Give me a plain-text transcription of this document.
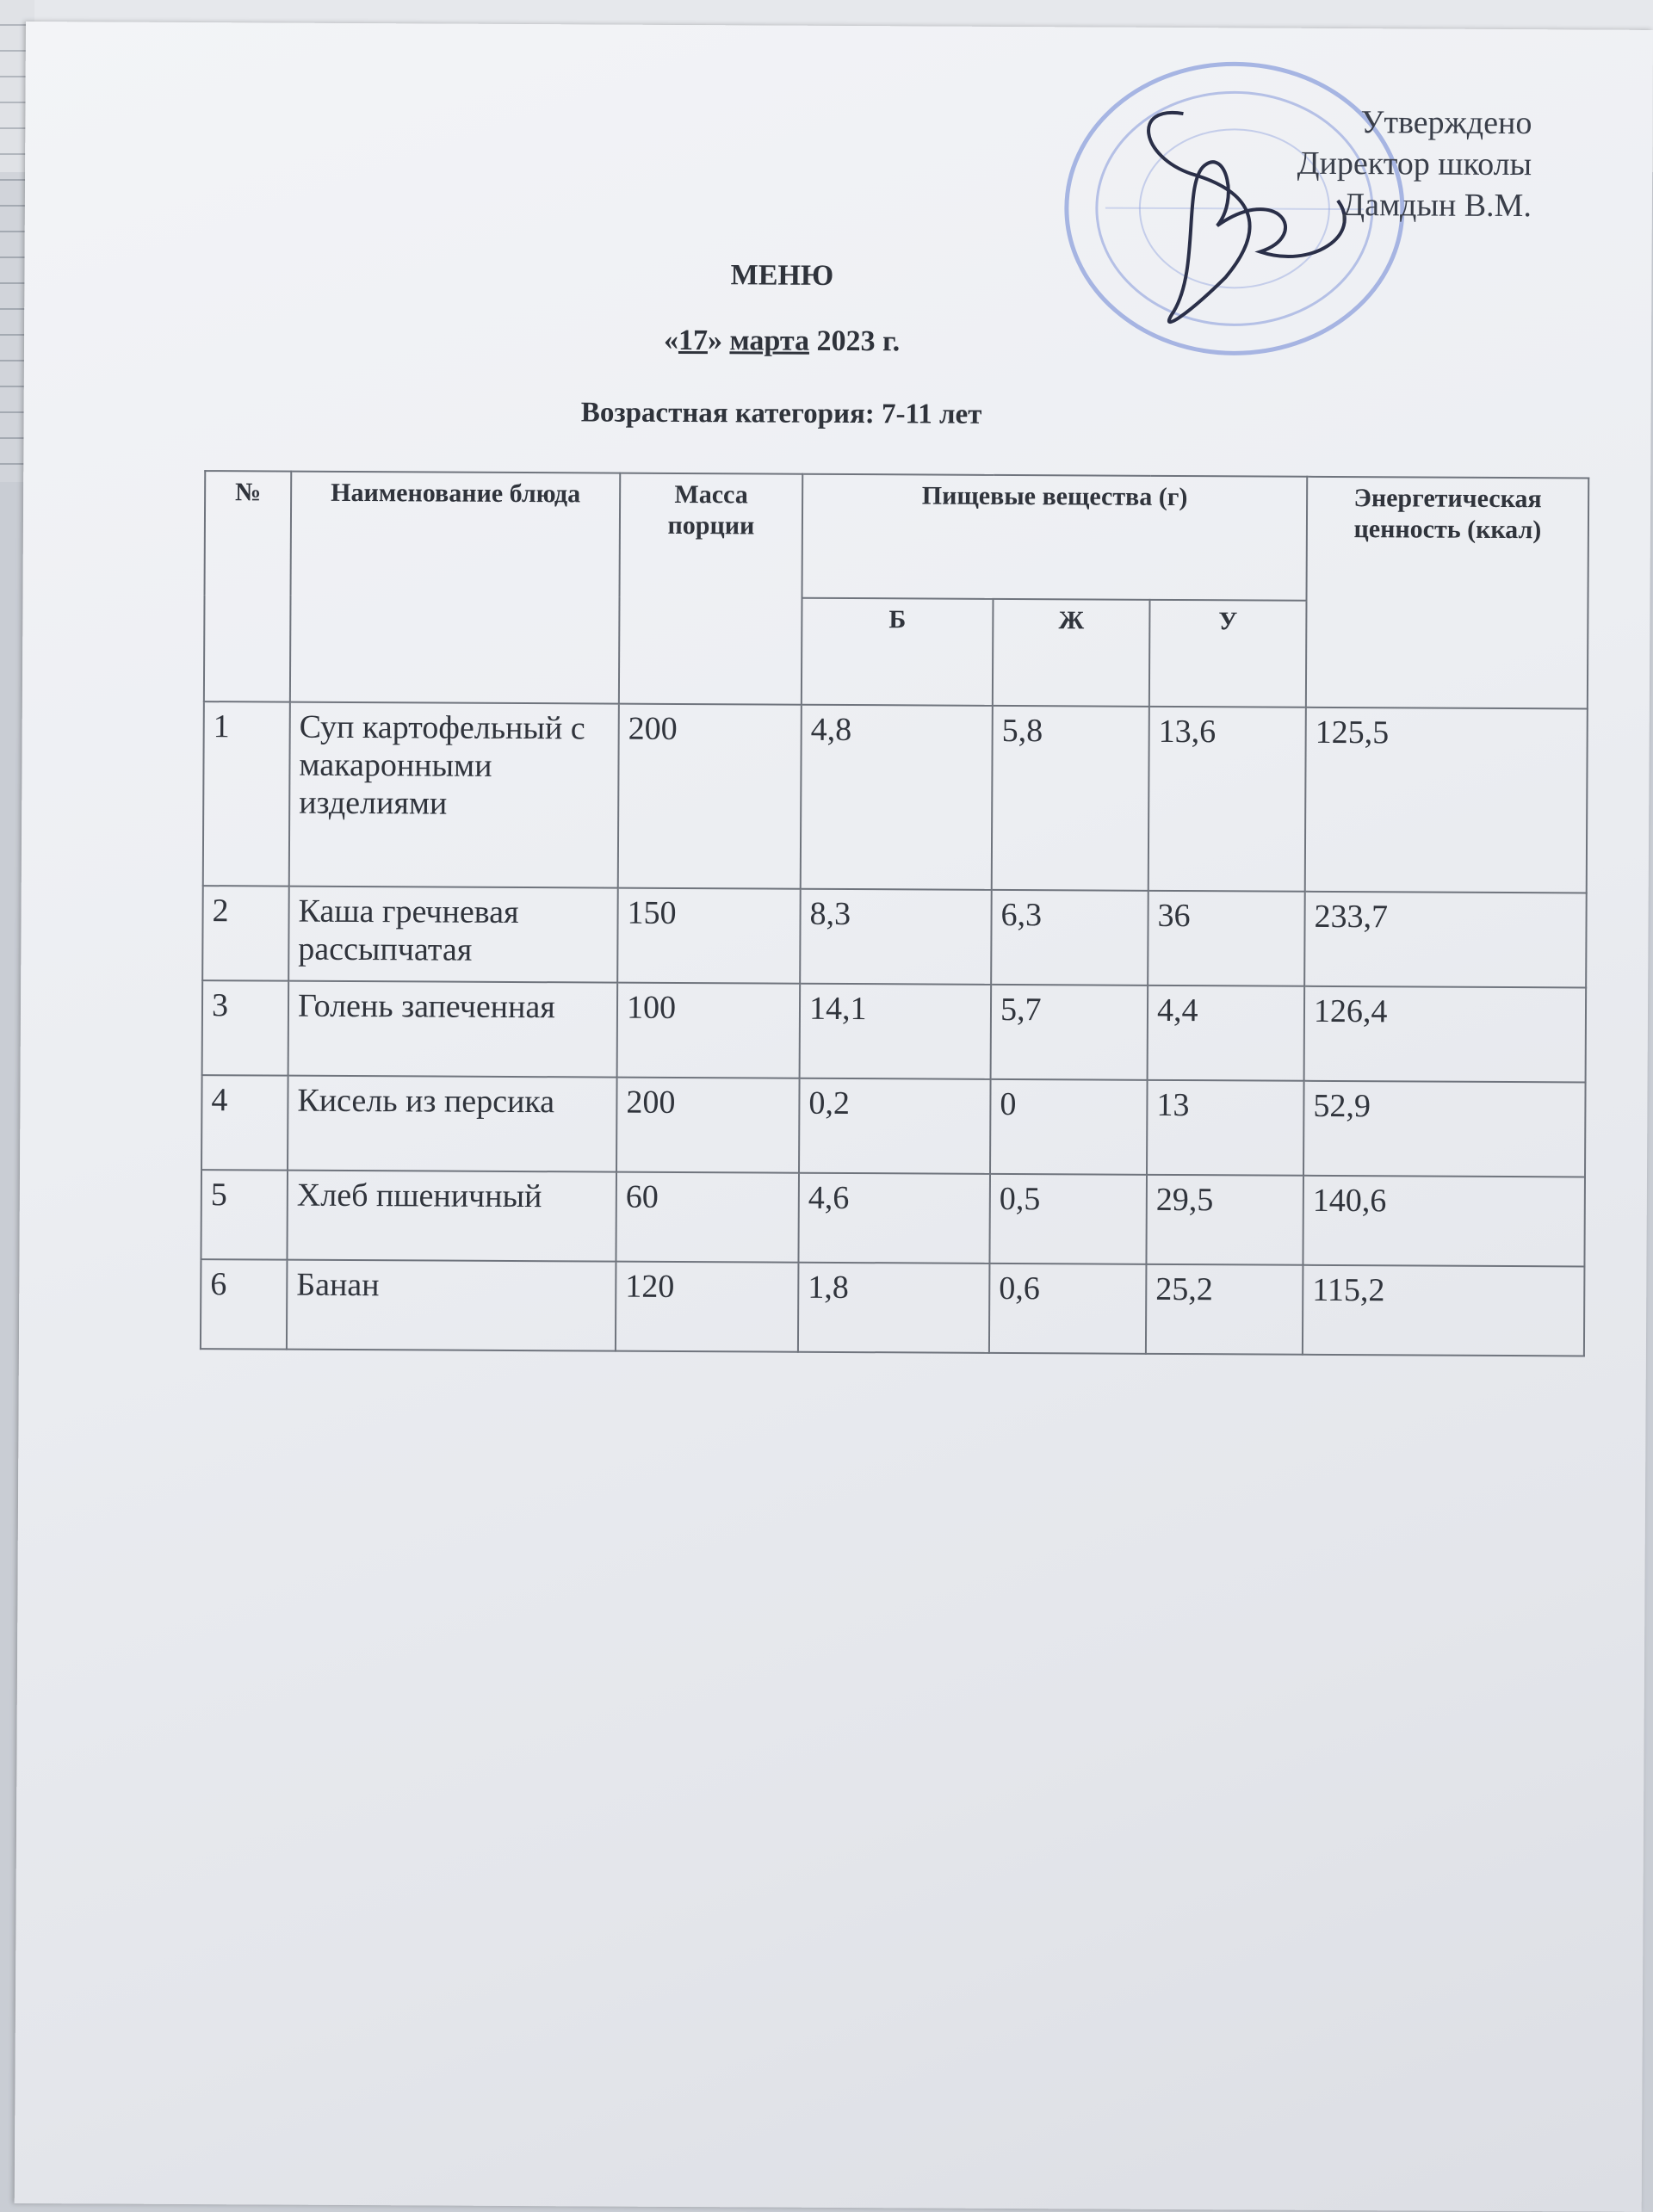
Утверждено
Директор школы
Дамдын В.М.
МЕНЮ
«17» марта 2023 г.
Возрастная категория: 7-11 лет
№	Наименование блюда	Масса порции	Пищевые вещества (г)			Энергетическая ценность (ккал)
			Б	Ж	У	
1	Суп картофельный с макаронными изделиями	200	4,8	5,8	13,6	125,5
2	Каша гречневая рассыпчатая	150	8,3	6,3	36	233,7
3	Голень запеченная	100	14,1	5,7	4,4	126,4
4	Кисель из персика	200	0,2	0	13	52,9
5	Хлеб пшеничный	60	4,6	0,5	29,5	140,6
6	Банан	120	1,8	0,6	25,2	115,2
